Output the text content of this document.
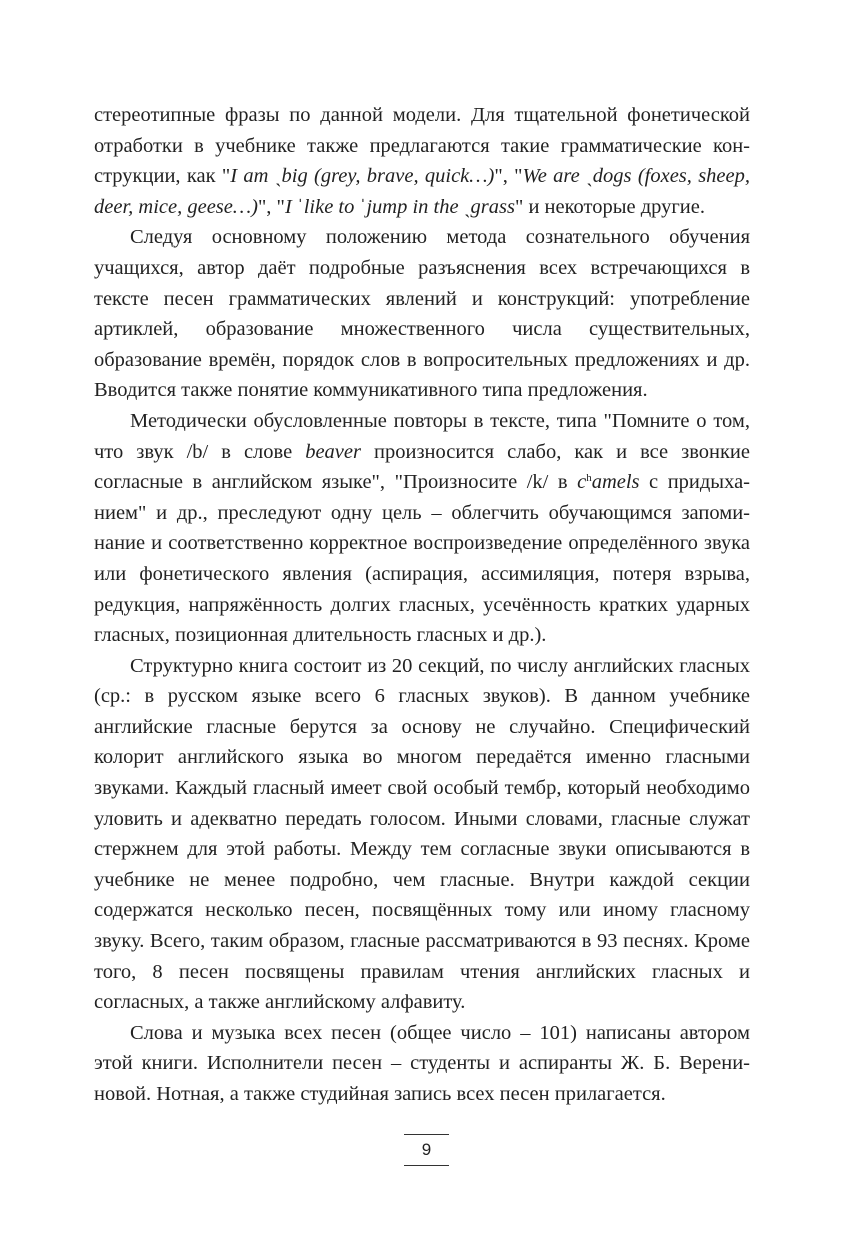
стереотипные фразы по данной модели. Для тщательной фонетической отработки в учебнике также предлагаются такие грамматические конструкции, как "I am ˎbig (grey, brave, quick…)", "We are ˎdogs (foxes, sheep, deer, mice, geese…)", "I ˈlike to ˈjump in the ˎgrass" и некоторые другие.

Следуя основному положению метода сознательного обучения учащихся, автор даёт подробные разъяснения всех встречающихся в тексте песен грамматических явлений и конструкций: употребление артиклей, образование множественного числа существительных, образование времён, порядок слов в вопросительных предложениях и др. Вводится также понятие коммуникативного типа предложения.

Методически обусловленные повторы в тексте, типа "Помните о том, что звук /b/ в слове beaver произносится слабо, как и все звонкие согласные в английском языке", "Произносите /k/ в $c^hamels$ с придыханием" и др., преследуют одну цель – облегчить обучающимся запоминание и соответственно корректное воспроизведение определённого звука или фонетического явления (аспирация, ассимиляция, потеря взрыва, редукция, напряжённость долгих гласных, усечённость кратких ударных гласных, позиционная длительность гласных и др.).

Структурно книга состоит из 20 секций, по числу английских гласных (ср.: в русском языке всего 6 гласных звуков). В данном учебнике английские гласные берутся за основу не случайно. Специфический колорит английского языка во многом передаётся именно гласными звуками. Каждый гласный имеет свой особый тембр, который необходимо уловить и адекватно передать голосом. Иными словами, гласные служат стержнем для этой работы. Между тем согласные звуки описываются в учебнике не менее подробно, чем гласные. Внутри каждой секции содержатся несколько песен, посвящённых тому или иному гласному звуку. Всего, таким образом, гласные рассматриваются в 93 песнях. Кроме того, 8 песен посвящены правилам чтения английских гласных и согласных, а также английскому алфавиту.

Слова и музыка всех песен (общее число – 101) написаны автором этой книги. Исполнители песен – студенты и аспиранты Ж. Б. Верениновой. Нотная, а также студийная запись всех песен прилагается.

9
